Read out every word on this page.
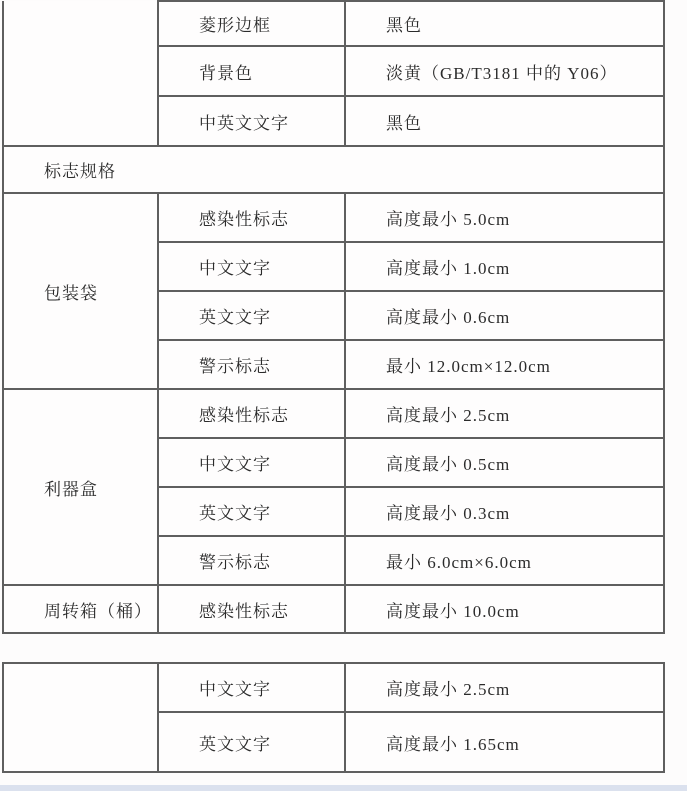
	菱形边框	黑色
	背景色	淡黄（GB/T3181 中的 Y06）
	中英文文字	黑色
标志规格		
包装袋	感染性标志	高度最小 5.0cm
	中文文字	高度最小 1.0cm
	英文文字	高度最小 0.6cm
	警示标志	最小 12.0cm×12.0cm
利器盒	感染性标志	高度最小 2.5cm
	中文文字	高度最小 0.5cm
	英文文字	高度最小 0.3cm
	警示标志	最小 6.0cm×6.0cm
周转箱（桶）	感染性标志	高度最小 10.0cm
	中文文字	高度最小 2.5cm
	英文文字	高度最小 1.65cm
